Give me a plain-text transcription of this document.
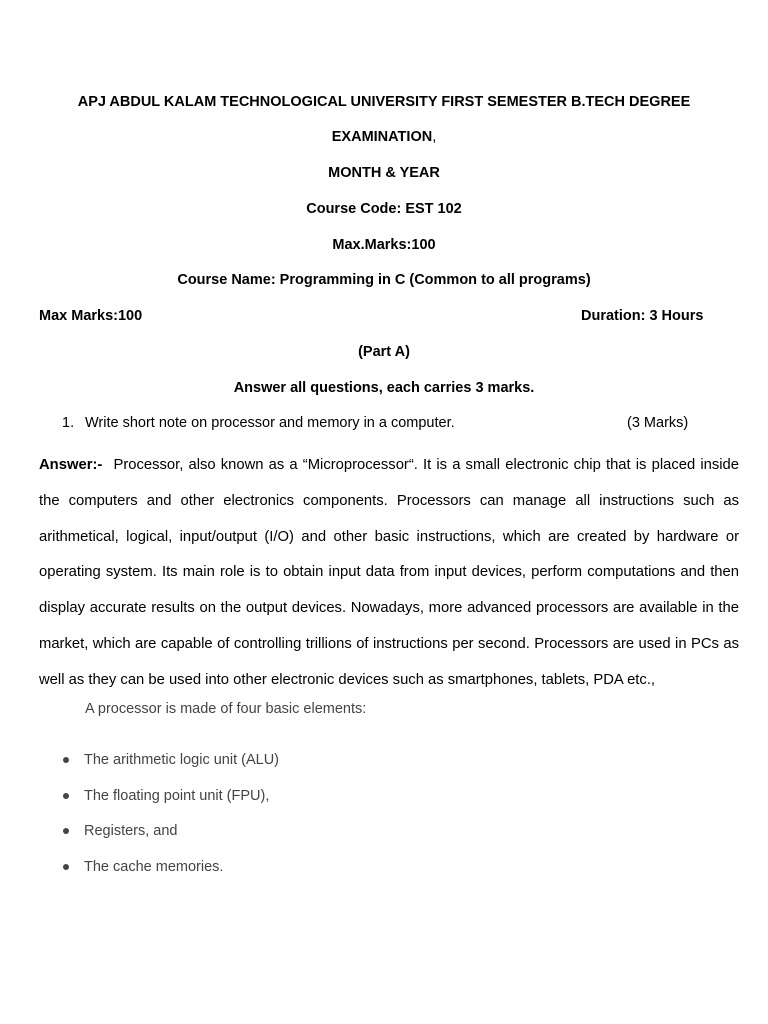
APJ ABDUL KALAM TECHNOLOGICAL UNIVERSITY FIRST SEMESTER B.TECH DEGREE
EXAMINATION,
MONTH & YEAR
Course Code: EST 102
Max.Marks:100
Course Name: Programming in C (Common to all programs)
Max Marks:100	Duration: 3 Hours
(Part A)
Answer all questions, each carries 3 marks.
1. Write short note on processor and memory in a computer.	(3 Marks)
Answer:- Processor, also known as a “Microprocessor“. It is a small electronic chip that is placed inside the computers and other electronics components. Processors can manage all instructions such as arithmetical, logical, input/output (I/O) and other basic instructions, which are created by hardware or operating system. Its main role is to obtain input data from input devices, perform computations and then display accurate results on the output devices. Nowadays, more advanced processors are available in the market, which are capable of controlling trillions of instructions per second. Processors are used in PCs as well as they can be used into other electronic devices such as smartphones, tablets, PDA etc.,
A processor is made of four basic elements:
The arithmetic logic unit (ALU)
The floating point unit (FPU),
Registers, and
The cache memories.
